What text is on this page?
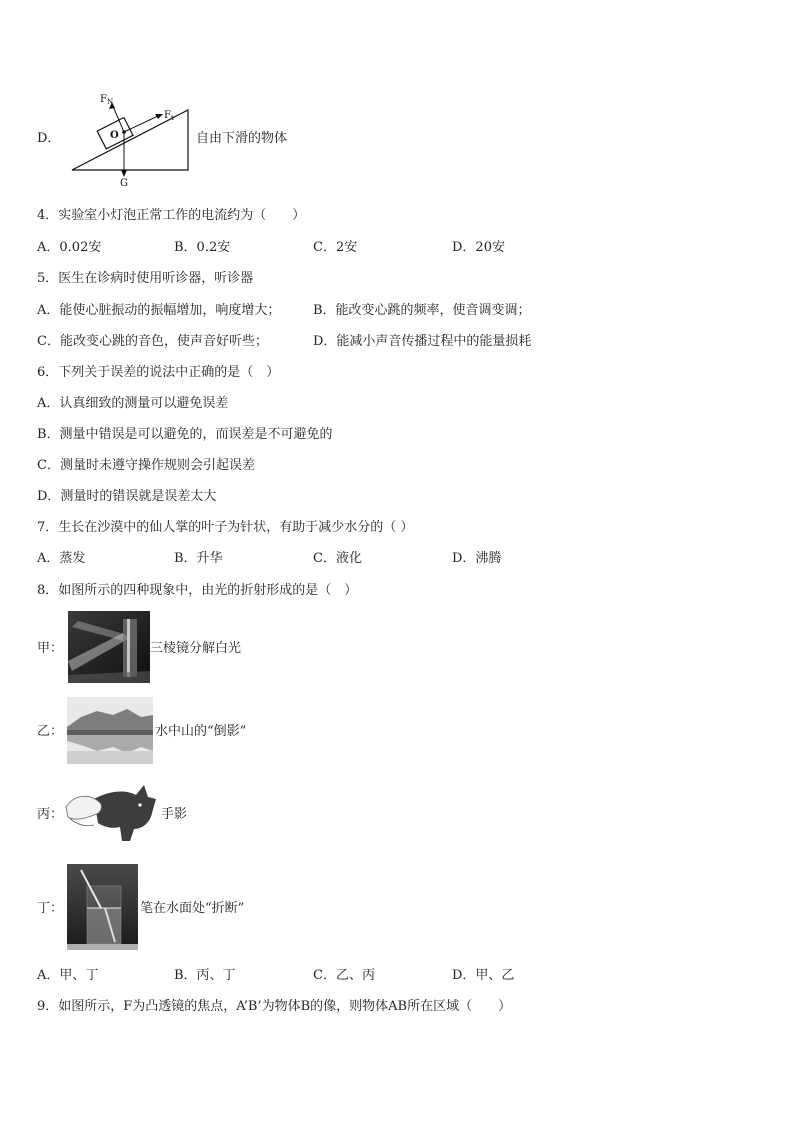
D．
$F_N$
$F_t$
O
G
自由下滑的物体
4．实验室小灯泡正常工作的电流约为（　　）
A．0.02安	B．0.2安	C．2安	D．20安
5．医生在诊病时使用听诊器，听诊器
A．能使心脏振动的振幅增加，响度增大；	B．能改变心跳的频率，使音调变调；
C．能改变心跳的音色，使声音好听些；	D．能减小声音传播过程中的能量损耗
6．下列关于误差的说法中正确的是（　）
A．认真细致的测量可以避免误差
B．测量中错误是可以避免的，而误差是不可避免的
C．测量时未遵守操作规则会引起误差
D．测量时的错误就是误差太大
7．生长在沙漠中的仙人掌的叶子为针状，有助于减少水分的（ ）
A．蒸发	B．升华	C．液化	D．沸腾
8．如图所示的四种现象中，由光的折射形成的是（　）
甲：	三棱镜分解白光
乙：	水中山的“倒影”
丙：	手影
丁：	笔在水面处“折断”
A．甲、丁	B．丙、丁	C．乙、丙	D．甲、乙
9．如图所示，F为凸透镜的焦点，A’B’为物体B的像，则物体AB所在区域（　　）
